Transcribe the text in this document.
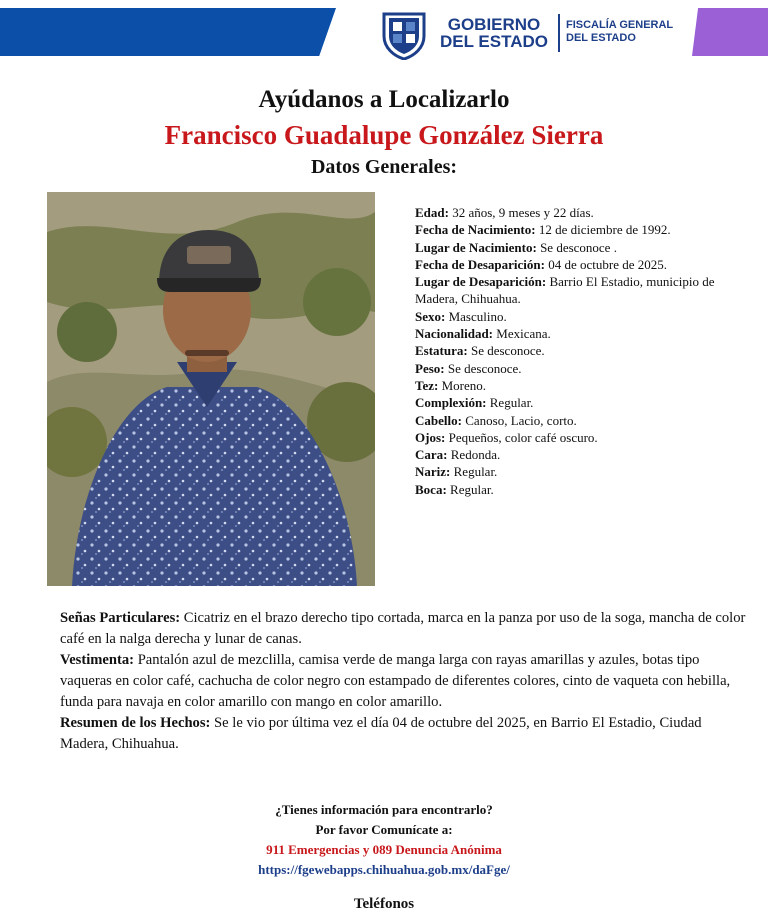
GOBIERNO
DEL ESTADO
FISCALÍA GENERAL
DEL ESTADO
Ayúdanos a Localizarlo
Francisco Guadalupe González Sierra
Datos Generales:
Edad: 32 años, 9 meses y 22 días.
Fecha de Nacimiento: 12 de diciembre de 1992.
Lugar de Nacimiento: Se desconoce .
Fecha de Desaparición: 04 de octubre de 2025.
Lugar de Desaparición: Barrio El Estadio, municipio de Madera, Chihuahua.
Sexo: Masculino.
Nacionalidad: Mexicana.
Estatura: Se desconoce.
Peso: Se desconoce.
Tez: Moreno.
Complexión: Regular.
Cabello: Canoso, Lacio, corto.
Ojos: Pequeños, color café oscuro.
Cara: Redonda.
Nariz: Regular.
Boca: Regular.
Señas Particulares: Cicatriz en el brazo derecho tipo cortada, marca en la panza por uso de la soga, mancha de color café en la nalga derecha y lunar de canas.
Vestimenta: Pantalón azul de mezclilla, camisa verde de manga larga con rayas amarillas y azules, botas tipo vaqueras en color café, cachucha de color negro con estampado de diferentes colores, cinto de vaqueta con hebilla, funda para navaja en color amarillo con mango en color amarillo.
Resumen de los Hechos: Se le vio por última vez el día 04 de octubre del 2025, en Barrio El Estadio, Ciudad Madera, Chihuahua.
¿Tienes información para encontrarlo?
Por favor Comunícate a:
911 Emergencias y 089 Denuncia Anónima
https://fgewebapps.chihuahua.gob.mx/daFge/
Teléfonos
